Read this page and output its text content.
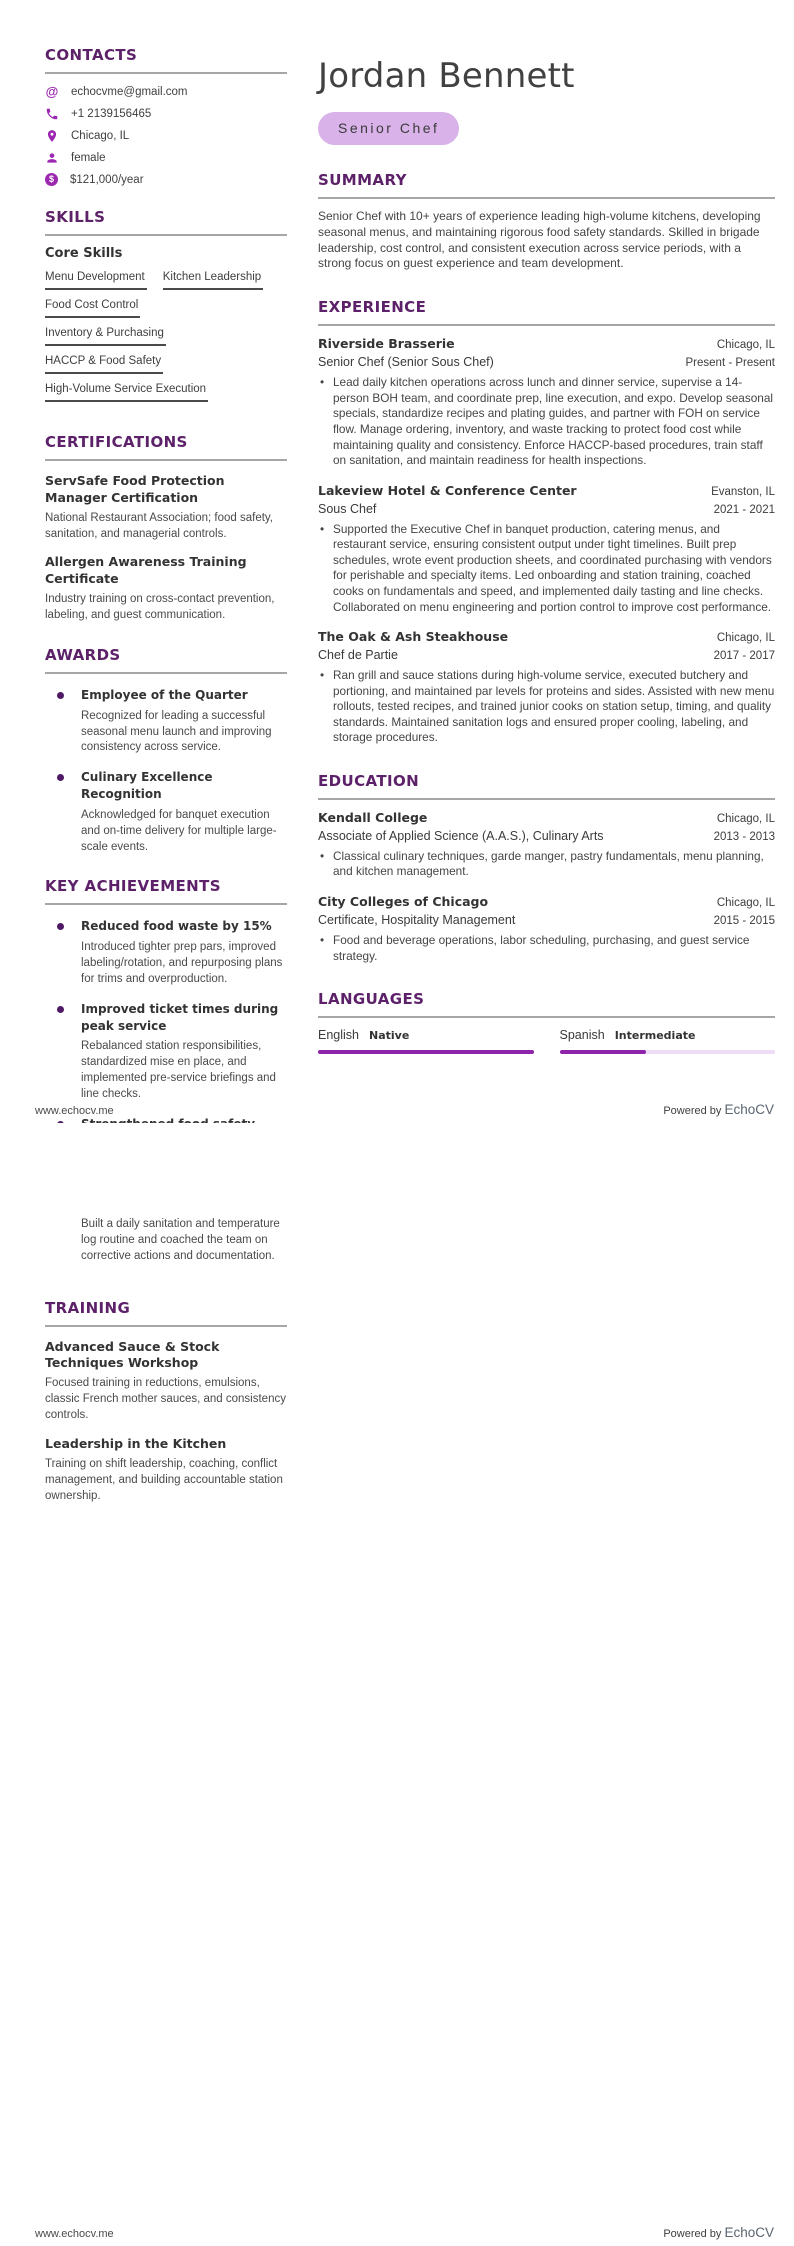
CONTACTS
@ echocvme@gmail.com
+1 2139156465
Chicago, IL
female
$	$121,000/year
SKILLS
Core Skills
Menu Development Kitchen Leadership
Food Cost Control
Inventory & Purchasing
HACCP & Food Safety
High-Volume Service Execution
CERTIFICATIONS
ServSafe Food Protection Manager Certification

National Restaurant Association; food safety, sanitation, and managerial controls.

Allergen Awareness Training Certificate

Industry training on cross-contact prevention, labeling, and guest communication.

AWARDS
Employee of the Quarter

Recognized for leading a successful seasonal menu launch and improving consistency across service.

Culinary Excellence Recognition

Acknowledged for banquet execution and on-time delivery for multiple large-scale events.

KEY ACHIEVEMENTS
Reduced food waste by 15%

Introduced tighter prep pars, improved labeling/rotation, and repurposing plans for trims and overproduction.

Improved ticket times during peak service

Rebalanced station responsibilities, standardized mise en place, and implemented pre-service briefings and line checks.

Jordan Bennett
Senior Chef
SUMMARY

Senior Chef with 10+ years of experience leading high-volume kitchens, developing seasonal menus, and maintaining rigorous food safety standards. Skilled in brigade leadership, cost control, and consistent execution across service periods, with a strong focus on guest experience and team development.

EXPERIENCE
Riverside Brasserie	Chicago, IL
Senior Chef (Senior Sous Chef)	Present - Present

• Lead daily kitchen operations across lunch and dinner service, supervise a 14-person BOH team, and coordinate prep, line execution, and expo. Develop seasonal specials, standardize recipes and plating guides, and partner with FOH on service flow. Manage ordering, inventory, and waste tracking to protect food cost while maintaining quality and consistency. Enforce HACCP-based procedures, train staff on sanitation, and maintain readiness for health inspections.

Lakeview Hotel & Conference Center	Evanston, IL
Sous Chef	2021 - 2021

• Supported the Executive Chef in banquet production, catering menus, and restaurant service, ensuring consistent output under tight timelines. Built prep schedules, wrote event production sheets, and coordinated purchasing with vendors for perishable and specialty items. Led onboarding and station training, coached cooks on fundamentals and speed, and implemented daily tasting and line checks. Collaborated on menu engineering and portion control to improve cost performance.

The Oak & Ash Steakhouse	Chicago, IL
Chef de Partie	2017 - 2017

• Ran grill and sauce stations during high-volume service, executed butchery and portioning, and maintained par levels for proteins and sides. Assisted with new menu rollouts, tested recipes, and trained junior cooks on station setup, timing, and quality standards. Maintained sanitation logs and ensured proper cooling, labeling, and storage procedures.

EDUCATION
Kendall College	Chicago, IL
Associate of Applied Science (A.A.S.), Culinary Arts	2013 - 2013

• Classical culinary techniques, garde manger, pastry fundamentals, menu planning, and kitchen management.

City Colleges of Chicago	Chicago, IL
Certificate, Hospitality Management	2015 - 2015

• Food and beverage operations, labor scheduling, purchasing, and guest service strategy.

LANGUAGES
English Native	Spanish Intermediate
www.echocv.me	Powered by EchoCV

Built a daily sanitation and temperature log routine and coached the team on corrective actions and documentation.

TRAINING
Advanced Sauce & Stock Techniques Workshop

Focused training in reductions, emulsions, classic French mother sauces, and consistency controls.

Leadership in the Kitchen

Training on shift leadership, coaching, conflict management, and building accountable station ownership.

www.echocv.me	Powered by EchoCV
